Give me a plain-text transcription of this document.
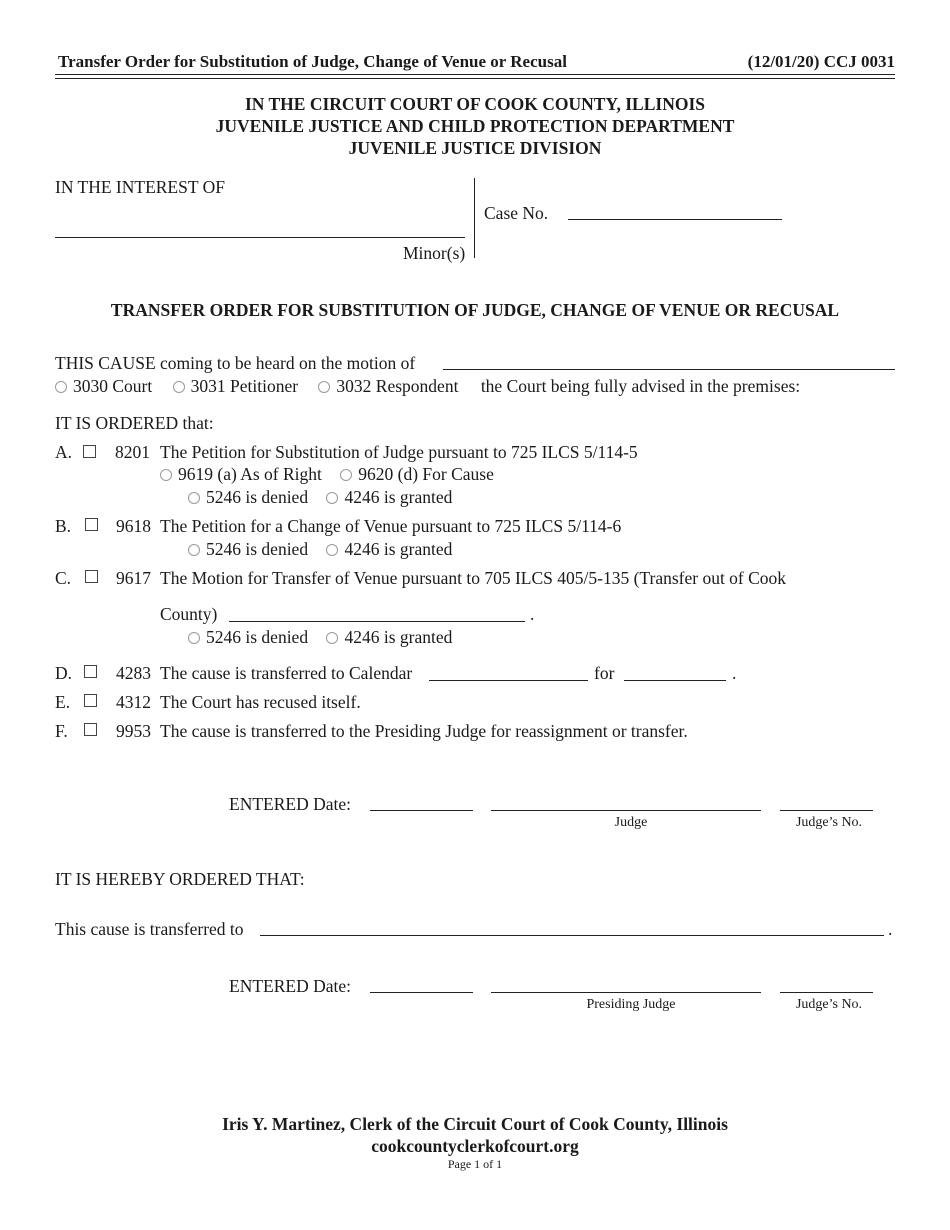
Transfer Order for Substitution of Judge, Change of Venue or Recusal	(12/01/20) CCJ 0031
IN THE CIRCUIT COURT OF COOK COUNTY, ILLINOIS
JUVENILE JUSTICE AND CHILD PROTECTION DEPARTMENT
JUVENILE JUSTICE DIVISION
IN THE INTEREST OF
Minor(s)
Case No.
TRANSFER ORDER FOR SUBSTITUTION OF JUDGE, CHANGE OF VENUE OR RECUSAL
THIS CAUSE coming to be heard on the motion of
3030 Court 3031 Petitioner 3032 Respondent the Court being fully advised in the premises:
IT IS ORDERED that:
A. 8201 The Petition for Substitution of Judge pursuant to 725 ILCS 5/114-5
9619 (a) As of Right 9620 (d) For Cause
5246 is denied 4246 is granted
B.	9618 The Petition for a Change of Venue pursuant to 725 ILCS 5/114-6
5246 is denied 4246 is granted
C.	9617 The Motion for Transfer of Venue pursuant to 705 ILCS 405/5-135 (Transfer out of Cook
County)	.
5246 is denied 4246 is granted
D.	4283 The cause is transferred to Calendar	for	.
E.	4312 The Court has recused itself.
F.	9953 The cause is transferred to the Presiding Judge for reassignment or transfer.
ENTERED Date:
Judge	Judge’s No.
IT IS HEREBY ORDERED THAT:
This cause is transferred to	.
ENTERED Date:
Presiding Judge	Judge’s No.
Iris Y. Martinez, Clerk of the Circuit Court of Cook County, Illinois
cookcountyclerkofcourt.org
Page 1 of 1
